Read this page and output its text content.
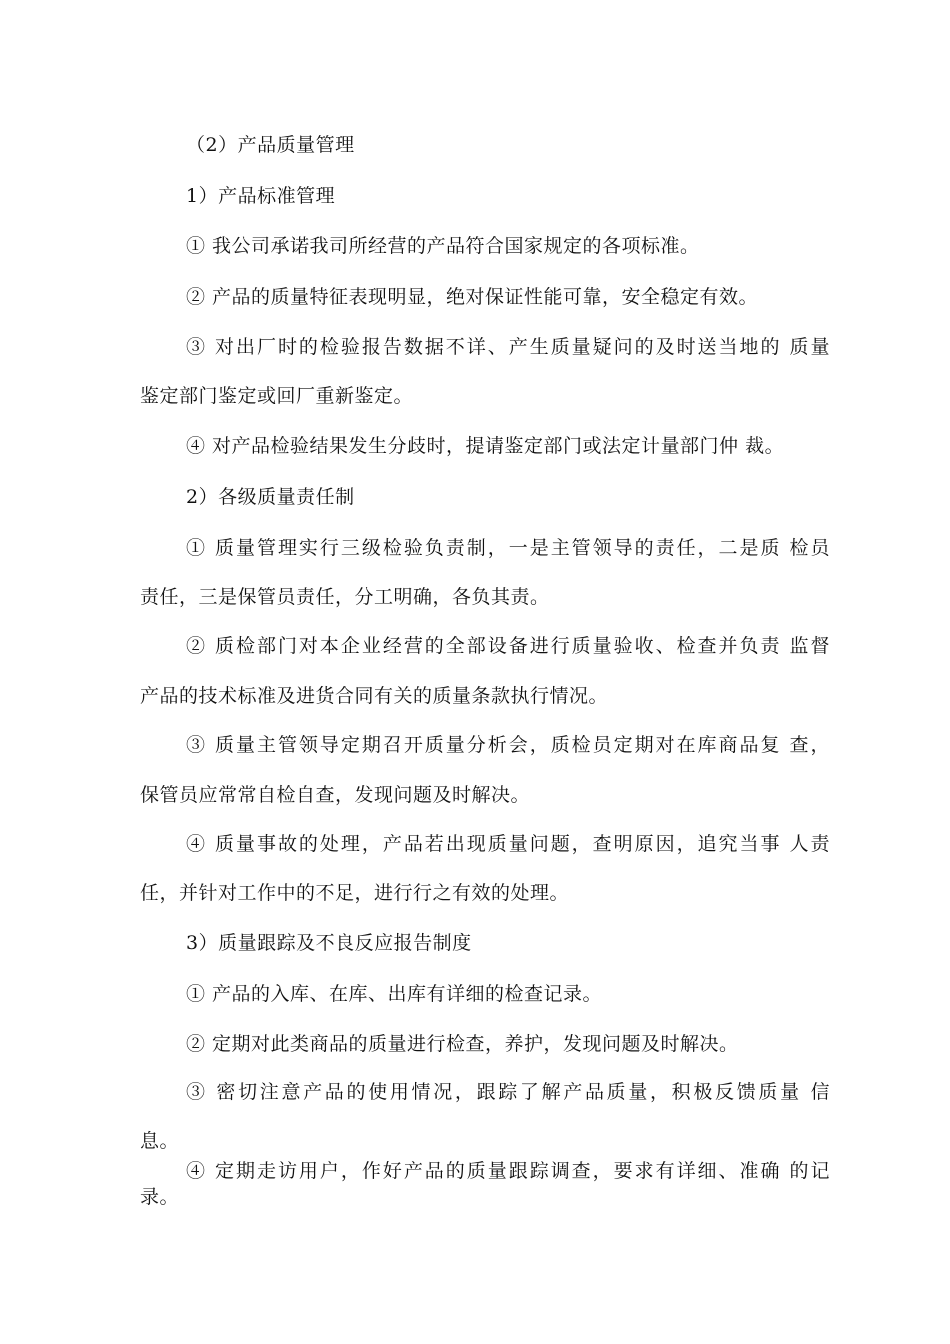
（2）产品质量管理
1）产品标准管理
① 我公司承诺我司所经营的产品符合国家规定的各项标准。
② 产品的质量特征表现明显，绝对保证性能可靠，安全稳定有效。
③ 对出厂时的检验报告数据不详、产生质量疑问的及时送当地的 质量
鉴定部门鉴定或回厂重新鉴定。
④ 对产品检验结果发生分歧时，提请鉴定部门或法定计量部门仲 裁。
2）各级质量责任制
① 质量管理实行三级检验负责制，一是主管领导的责任，二是质 检员
责任，三是保管员责任，分工明确，各负其责。
② 质检部门对本企业经营的全部设备进行质量验收、检查并负责 监督
产品的技术标准及进货合同有关的质量条款执行情况。
③ 质量主管领导定期召开质量分析会，质检员定期对在库商品复 查，
保管员应常常自检自查，发现问题及时解决。
④ 质量事故的处理，产品若出现质量问题，查明原因，追究当事 人责
任，并针对工作中的不足，进行行之有效的处理。
3）质量跟踪及不良反应报告制度
① 产品的入库、在库、出库有详细的检查记录。
② 定期对此类商品的质量进行检查，养护，发现问题及时解决。
③ 密切注意产品的使用情况，跟踪了解产品质量，积极反馈质量 信
息。
④ 定期走访用户，作好产品的质量跟踪调查，要求有详细、准确 的记
录。
